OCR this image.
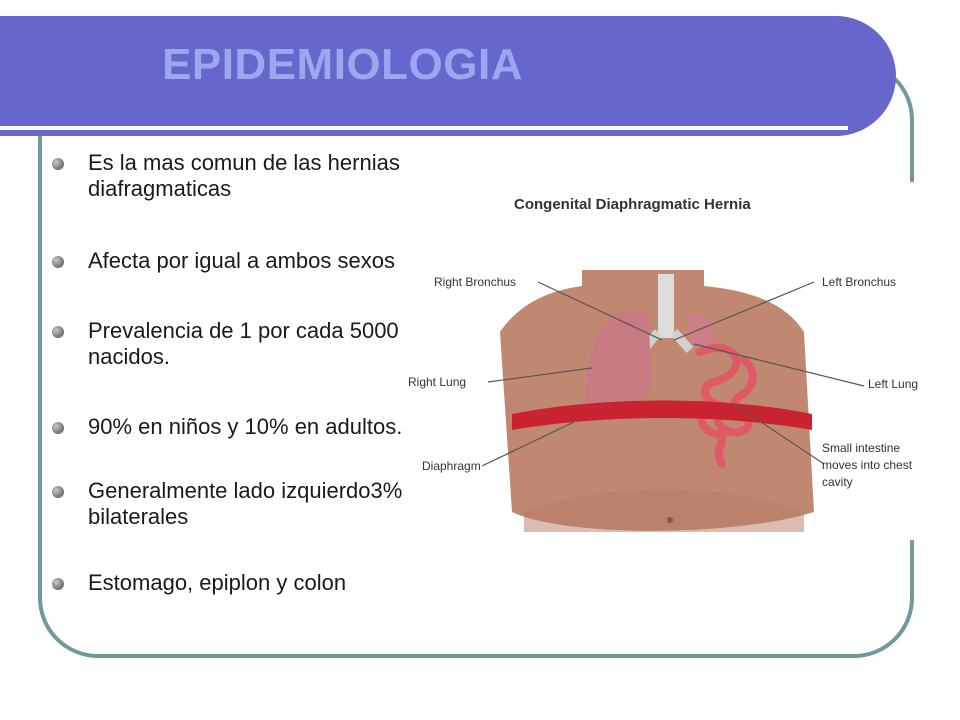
EPIDEMIOLOGIA
Es la mas comun de las hernias diafragmaticas
Afecta por igual a ambos sexos
Prevalencia de 1 por cada 5000 nacidos.
90% en niños y 10% en adultos.
Generalmente lado izquierdo3% bilaterales
Estomago, epiplon y colon
Congenital Diaphragmatic Hernia
Right Bronchus	Left Bronchus
Right Lung	Left Lung
Diaphragm
Small intestine
moves into chest
cavity
